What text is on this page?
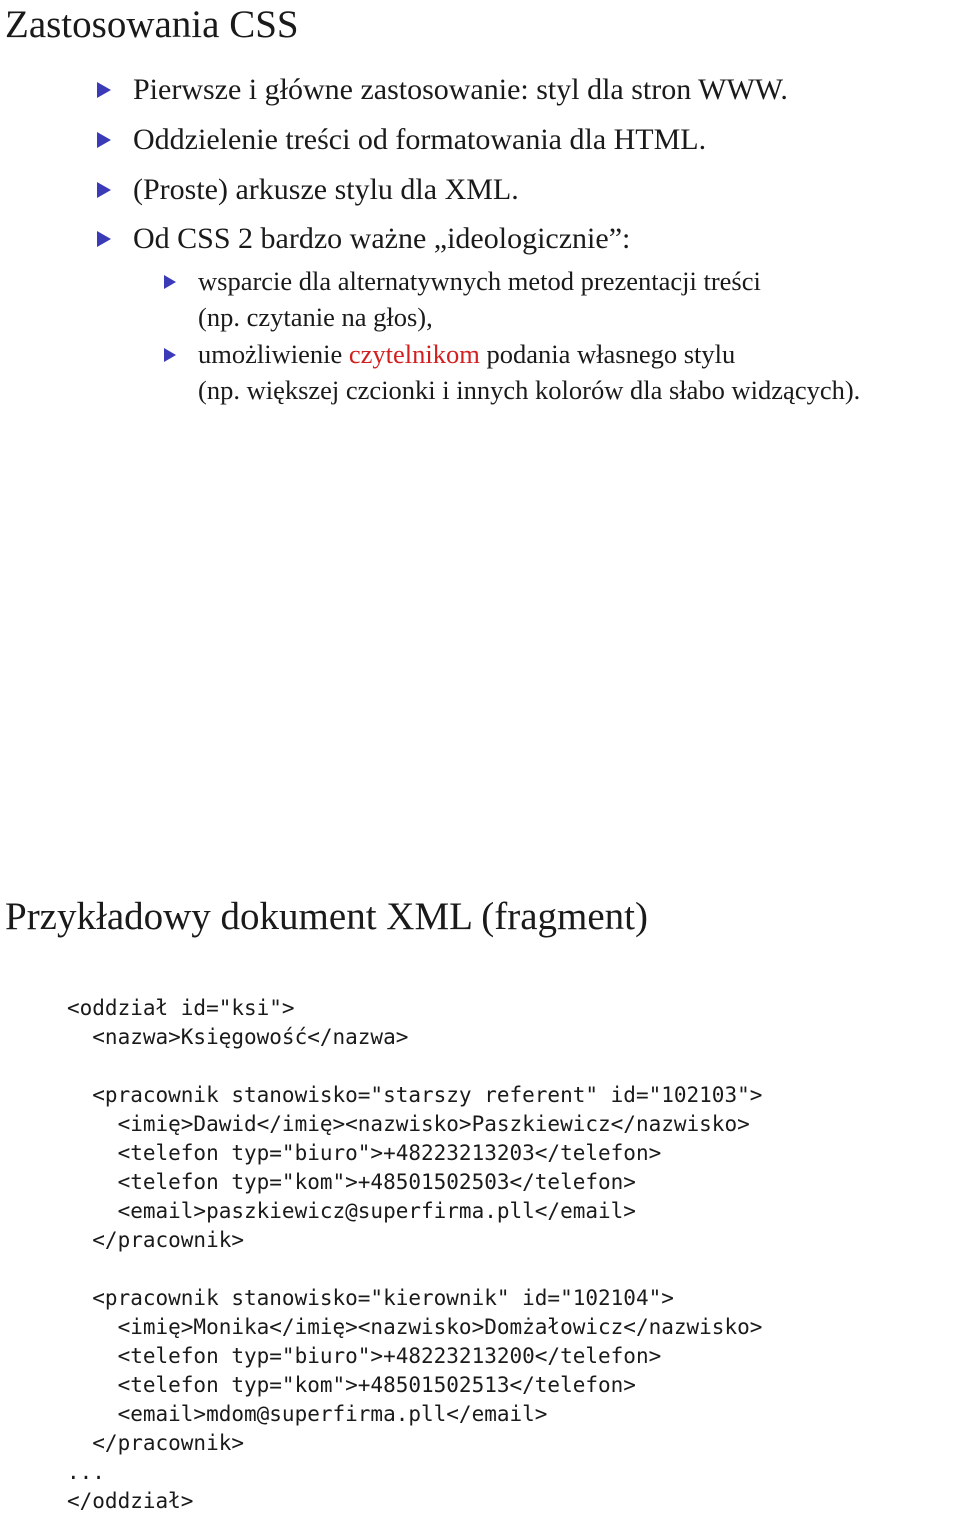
Zastosowania CSS
Pierwsze i główne zastosowanie: styl dla stron WWW.
Oddzielenie treści od formatowania dla HTML.
(Proste) arkusze stylu dla XML.
Od CSS 2 bardzo ważne „ideologicznie”:
wsparcie dla alternatywnych metod prezentacji treści
(np. czytanie na głos),
umożliwienie czytelnikom podania własnego stylu
(np. większej czcionki i innych kolorów dla słabo widzących).
Przykładowy dokument XML (fragment)
<oddział id="ksi">
<nazwa>Księgowość</nazwa>
<pracownik stanowisko="starszy referent" id="102103">
<imię>Dawid</imię><nazwisko>Paszkiewicz</nazwisko>
<telefon typ="biuro">+48223213203</telefon>
<telefon typ="kom">+48501502503</telefon>
<email>paszkiewicz@superfirma.pll</email>
</pracownik>
<pracownik stanowisko="kierownik" id="102104">
<imię>Monika</imię><nazwisko>Domżałowicz</nazwisko>
<telefon typ="biuro">+48223213200</telefon>
<telefon typ="kom">+48501502513</telefon>
<email>mdom@superfirma.pll</email>
</pracownik>
...
</oddział>
